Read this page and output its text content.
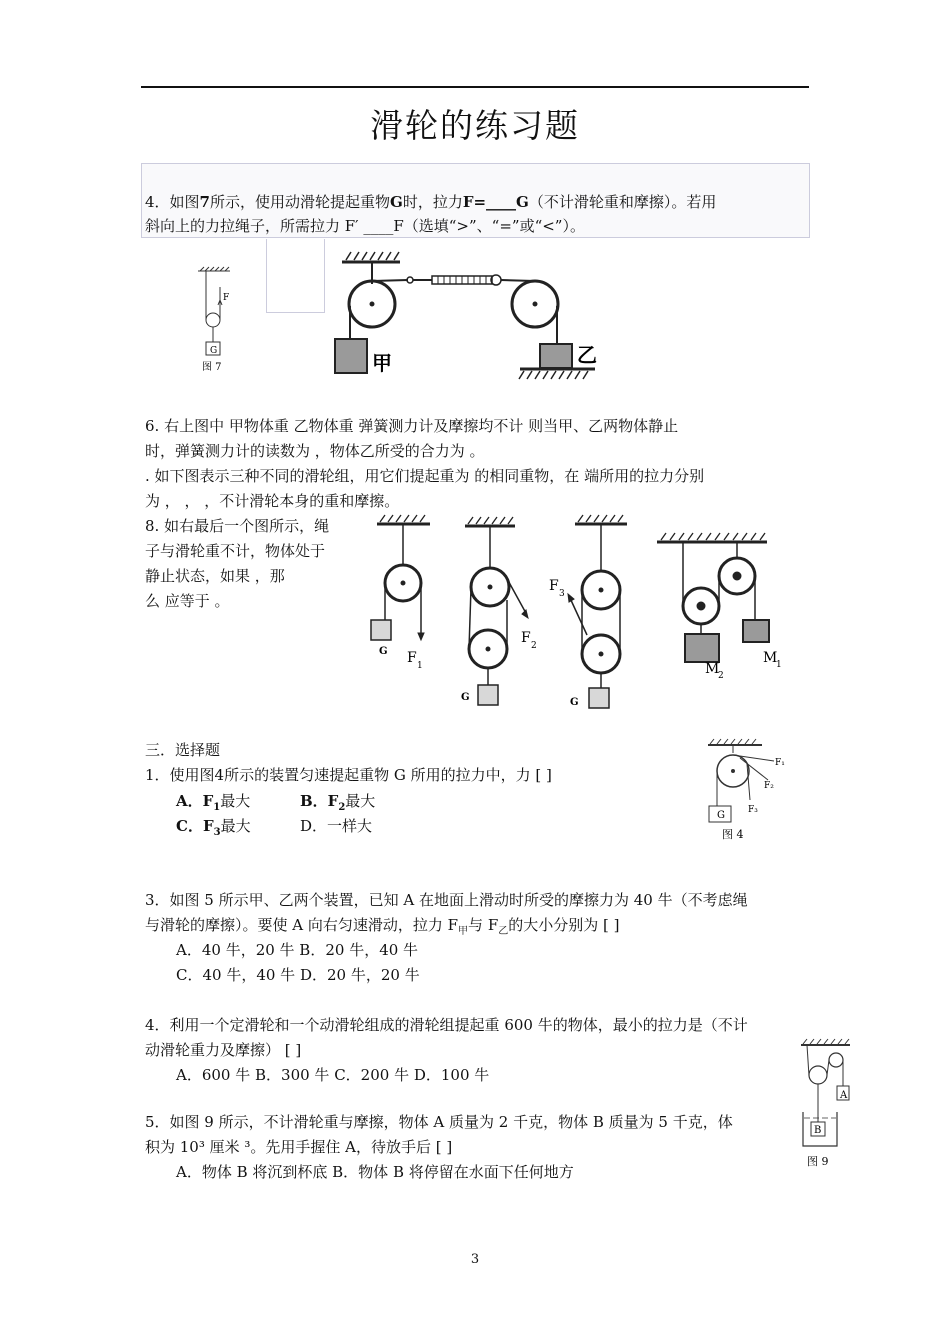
滑轮的练习题
4．如图7所示，使用动滑轮提起重物G时，拉力F=____G（不计滑轮重和摩擦）。若用
斜向上的力拉绳子，所需拉力 F′ ____F（选填“>”、“=”或“<”）。
G
F
图 7	甲	乙
6. 右上图中 甲物体重 乙物体重 弹簧测力计及摩擦均不计 则当甲、乙两物体静止
时，弹簧测力计的读数为 ，物体乙所受的合力为 。
. 如下图表示三种不同的滑轮组，用它们提起重为 的相同重物，在 端所用的拉力分别
为 ， ， ，不计滑轮本身的重和摩擦。
8. 如右最后一个图所示，绳
子与滑轮重不计，物体处于
静止状态，如果 ，那
么 应等于 。
G
G	G
F 1
F 2
F 3
M
1
M
2
三．选择题
1．使用图4所示的装置匀速提起重物 G 所用的拉力中，力 [ ]
A．$F_1$最大	B．$F_2$最大
C．$F_3$最大	D．一样大
F₁
F₂
F₃
G
图 4
3．如图 5 所示甲、乙两个装置，已知 A 在地面上滑动时所受的摩擦力为 40 牛（不考虑绳
与滑轮的摩擦）。要使 A 向右匀速滑动，拉力 $F_甲$与 $F_乙$的大小分别为 [ ]
A．40 牛，20 牛 B．20 牛，40 牛
C．40 牛，40 牛 D．20 牛，20 牛
4．利用一个定滑轮和一个动滑轮组成的滑轮组提起重 600 牛的物体，最小的拉力是（不计
动滑轮重力及摩擦） [ ]
A．600 牛 B．300 牛 C．200 牛 D．100 牛
5．如图 9 所示，不计滑轮重与摩擦，物体 A 质量为 2 千克，物体 B 质量为 5 千克，体
积为 10³ 厘米 ³。先用手握住 A，待放手后 [ ]
A．物体 B 将沉到杯底 B．物体 B 将停留在水面下任何地方
A
B
图 9
3
